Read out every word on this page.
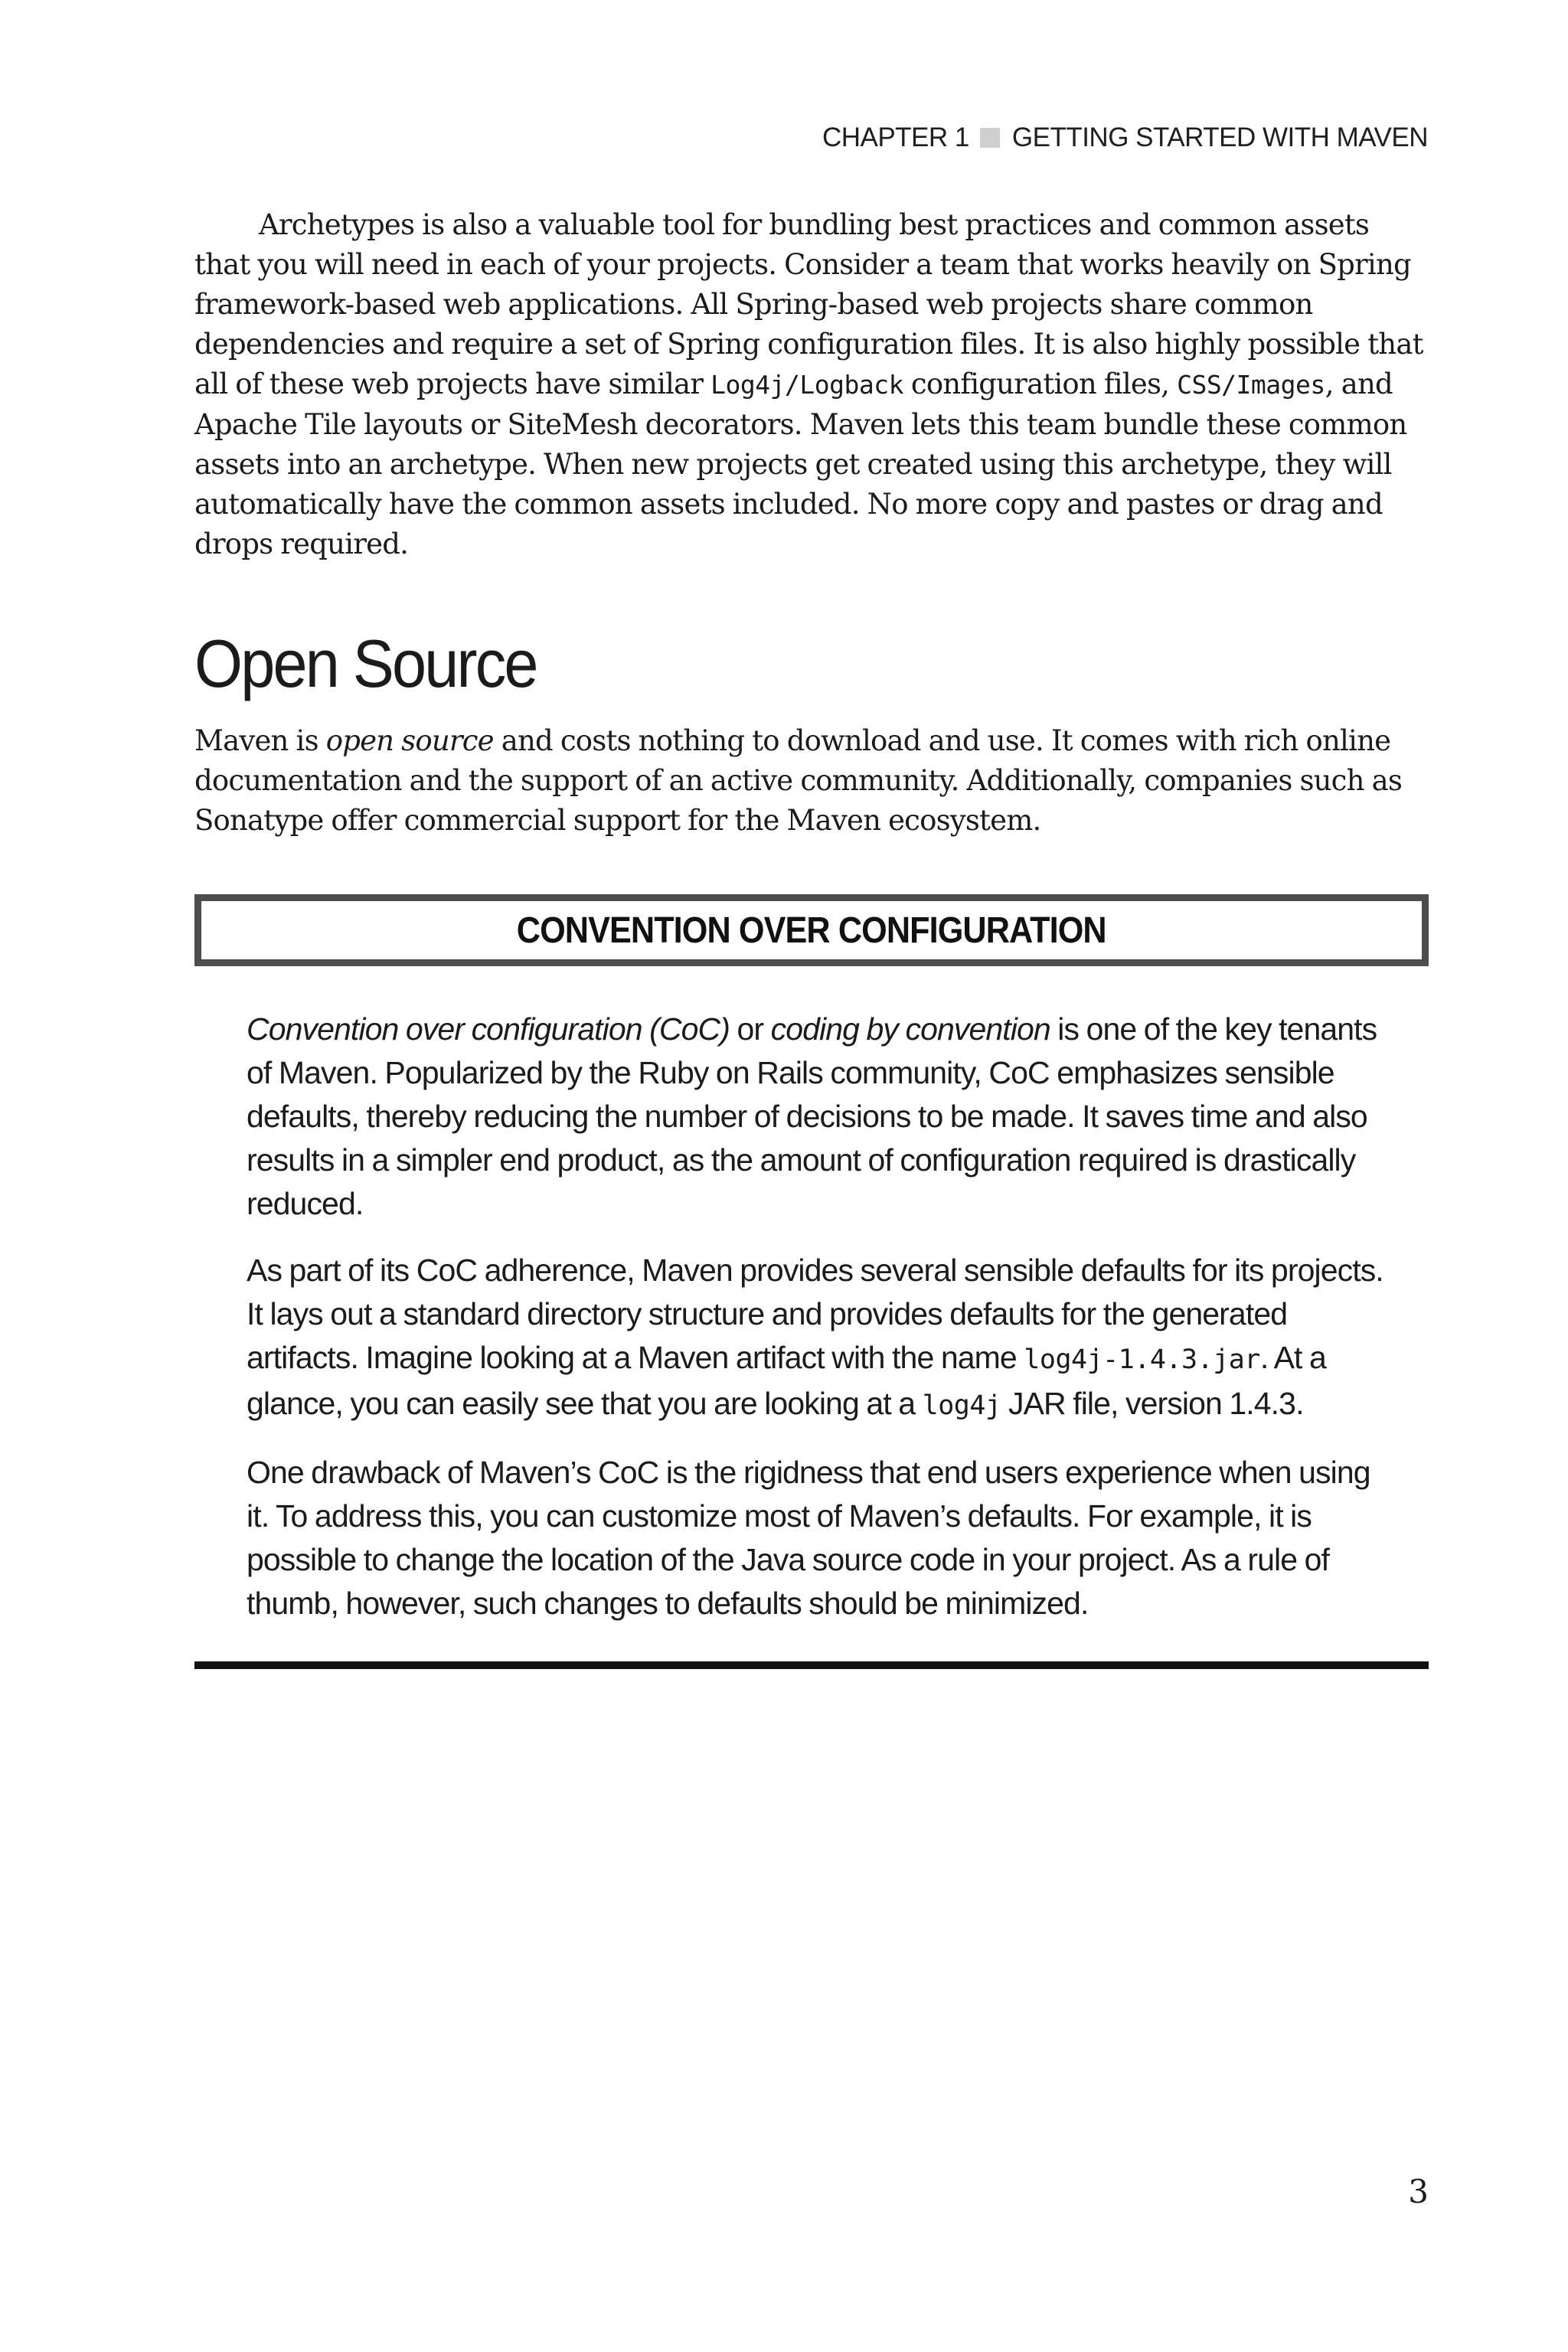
CHAPTER 1 GETTING STARTED WITH MAVEN

Archetypes is also a valuable tool for bundling best practices and common assets that you will need in each of your projects. Consider a team that works heavily on Spring framework-based web applications. All Spring-based web projects share common dependencies and require a set of Spring configuration files. It is also highly possible that all of these web projects have similar Log4j/Logback configuration files, CSS/Images, and Apache Tile layouts or SiteMesh decorators. Maven lets this team bundle these common assets into an archetype. When new projects get created using this archetype, they will automatically have the common assets included. No more copy and pastes or drag and drops required.

Open Source

Maven is open source and costs nothing to download and use. It comes with rich online documentation and the support of an active community. Additionally, companies such as Sonatype offer commercial support for the Maven ecosystem.

CONVENTION OVER CONFIGURATION

Convention over configuration (CoC) or coding by convention is one of the key tenants of Maven. Popularized by the Ruby on Rails community, CoC emphasizes sensible defaults, thereby reducing the number of decisions to be made. It saves time and also results in a simpler end product, as the amount of configuration required is drastically reduced.

As part of its CoC adherence, Maven provides several sensible defaults for its projects. It lays out a standard directory structure and provides defaults for the generated artifacts. Imagine looking at a Maven artifact with the name log4j-1.4.3.jar. At a glance, you can easily see that you are looking at a log4j JAR file, version 1.4.3.

One drawback of Maven’s CoC is the rigidness that end users experience when using it. To address this, you can customize most of Maven’s defaults. For example, it is possible to change the location of the Java source code in your project. As a rule of thumb, however, such changes to defaults should be minimized.

3
